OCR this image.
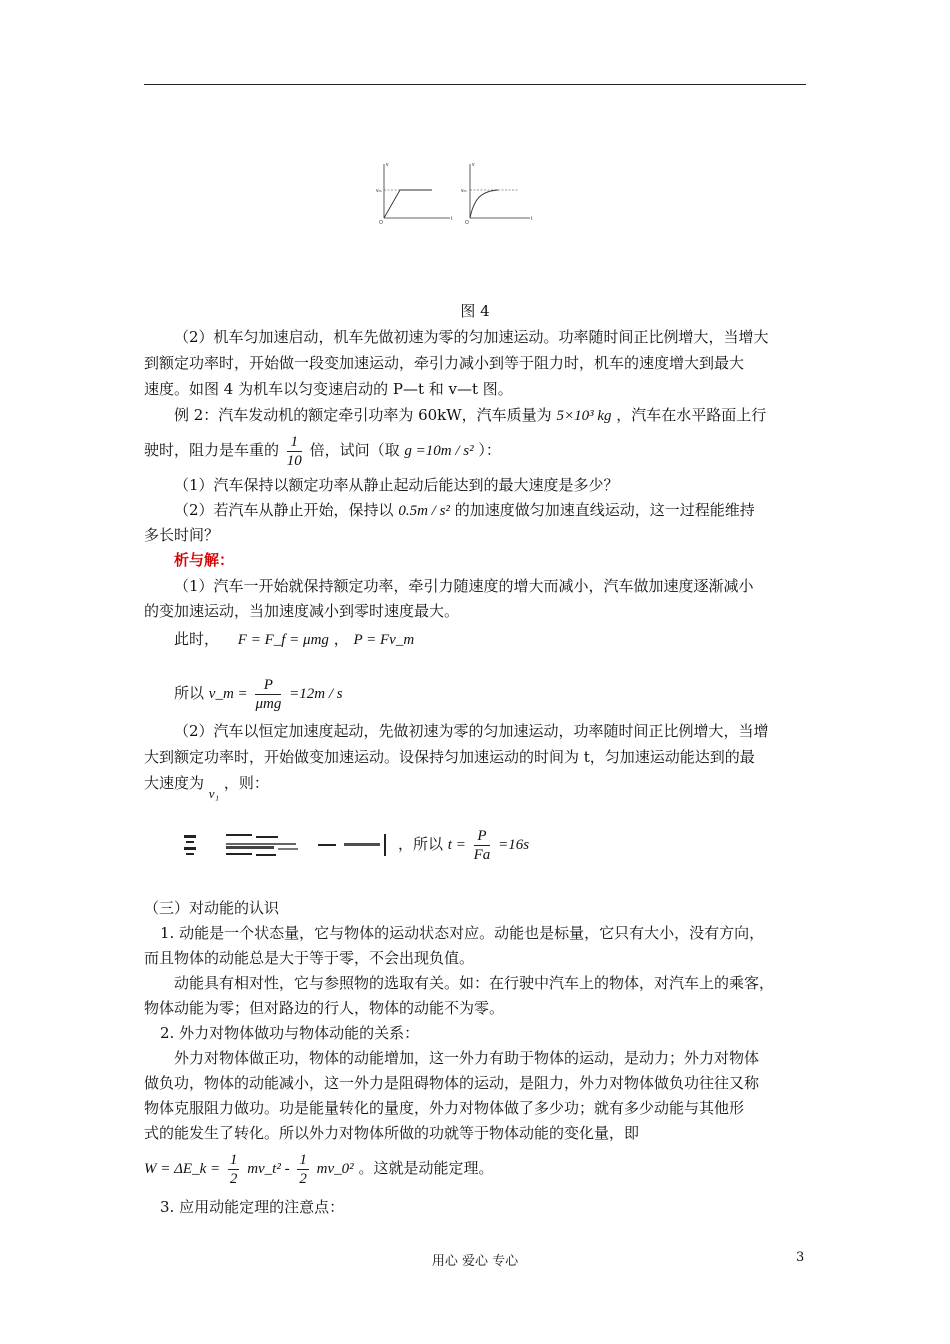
v
vₘ
O
t
v
vₘ
O
t
图 4
（2）机车匀加速启动，机车先做初速为零的匀加速运动。功率随时间正比例增大，当增大
到额定功率时，开始做一段变加速运动，牵引力减小到等于阻力时，机车的速度增大到最大
速度。如图 4 为机车以匀变速启动的 P—t 和 v—t 图。
例 2：汽车发动机的额定牵引功率为 60kW，汽车质量为 5×10³ kg ，汽车在水平路面上行
驶时，阻力是车重的 $\frac{1}{10}$ 倍，试问（取 g =10m / s² ）：
（1）汽车保持以额定功率从静止起动后能达到的最大速度是多少？
（2）若汽车从静止开始，保持以 0.5m / s² 的加速度做匀加速直线运动，这一过程能维持
多长时间？
析与解：
（1）汽车一开始就保持额定功率，牵引力随速度的增大而减小，汽车做加速度逐渐减小
的变加速运动，当加速度减小到零时速度最大。
此时， F = F_f = μmg ， P = Fv_m
所以 v_m = $\frac{P}{\text{μmg}} =12m / s$
（2）汽车以恒定加速度起动，先做初速为零的匀加速运动，功率随时间正比例增大，当增
大到额定功率时，开始做变加速运动。设保持匀加速运动的时间为 t，匀加速运动能达到的最
大速度为 v₁ ，则：
，所以 $t = \frac{P}{Fa} =16s$
（三）对动能的认识
1. 动能是一个状态量，它与物体的运动状态对应。动能也是标量，它只有大小，没有方向，
而且物体的动能总是大于等于零，不会出现负值。
动能具有相对性，它与参照物的选取有关。如：在行驶中汽车上的物体，对汽车上的乘客，
物体动能为零；但对路边的行人，物体的动能不为零。
2. 外力对物体做功与物体动能的关系：
外力对物体做正功，物体的动能增加，这一外力有助于物体的运动，是动力；外力对物体
做负功，物体的动能减小，这一外力是阻碍物体的运动，是阻力，外力对物体做负功往往又称
物体克服阻力做功。功是能量转化的量度，外力对物体做了多少功；就有多少动能与其他形
式的能发生了转化。所以外力对物体所做的功就等于物体动能的变化量，即
W = ΔE_k = $\frac{1}{2}$ mv_t² - $\frac{1}{2}$ mv_0² 。这就是动能定理。
3. 应用动能定理的注意点：
用心 爱心 专心	3
